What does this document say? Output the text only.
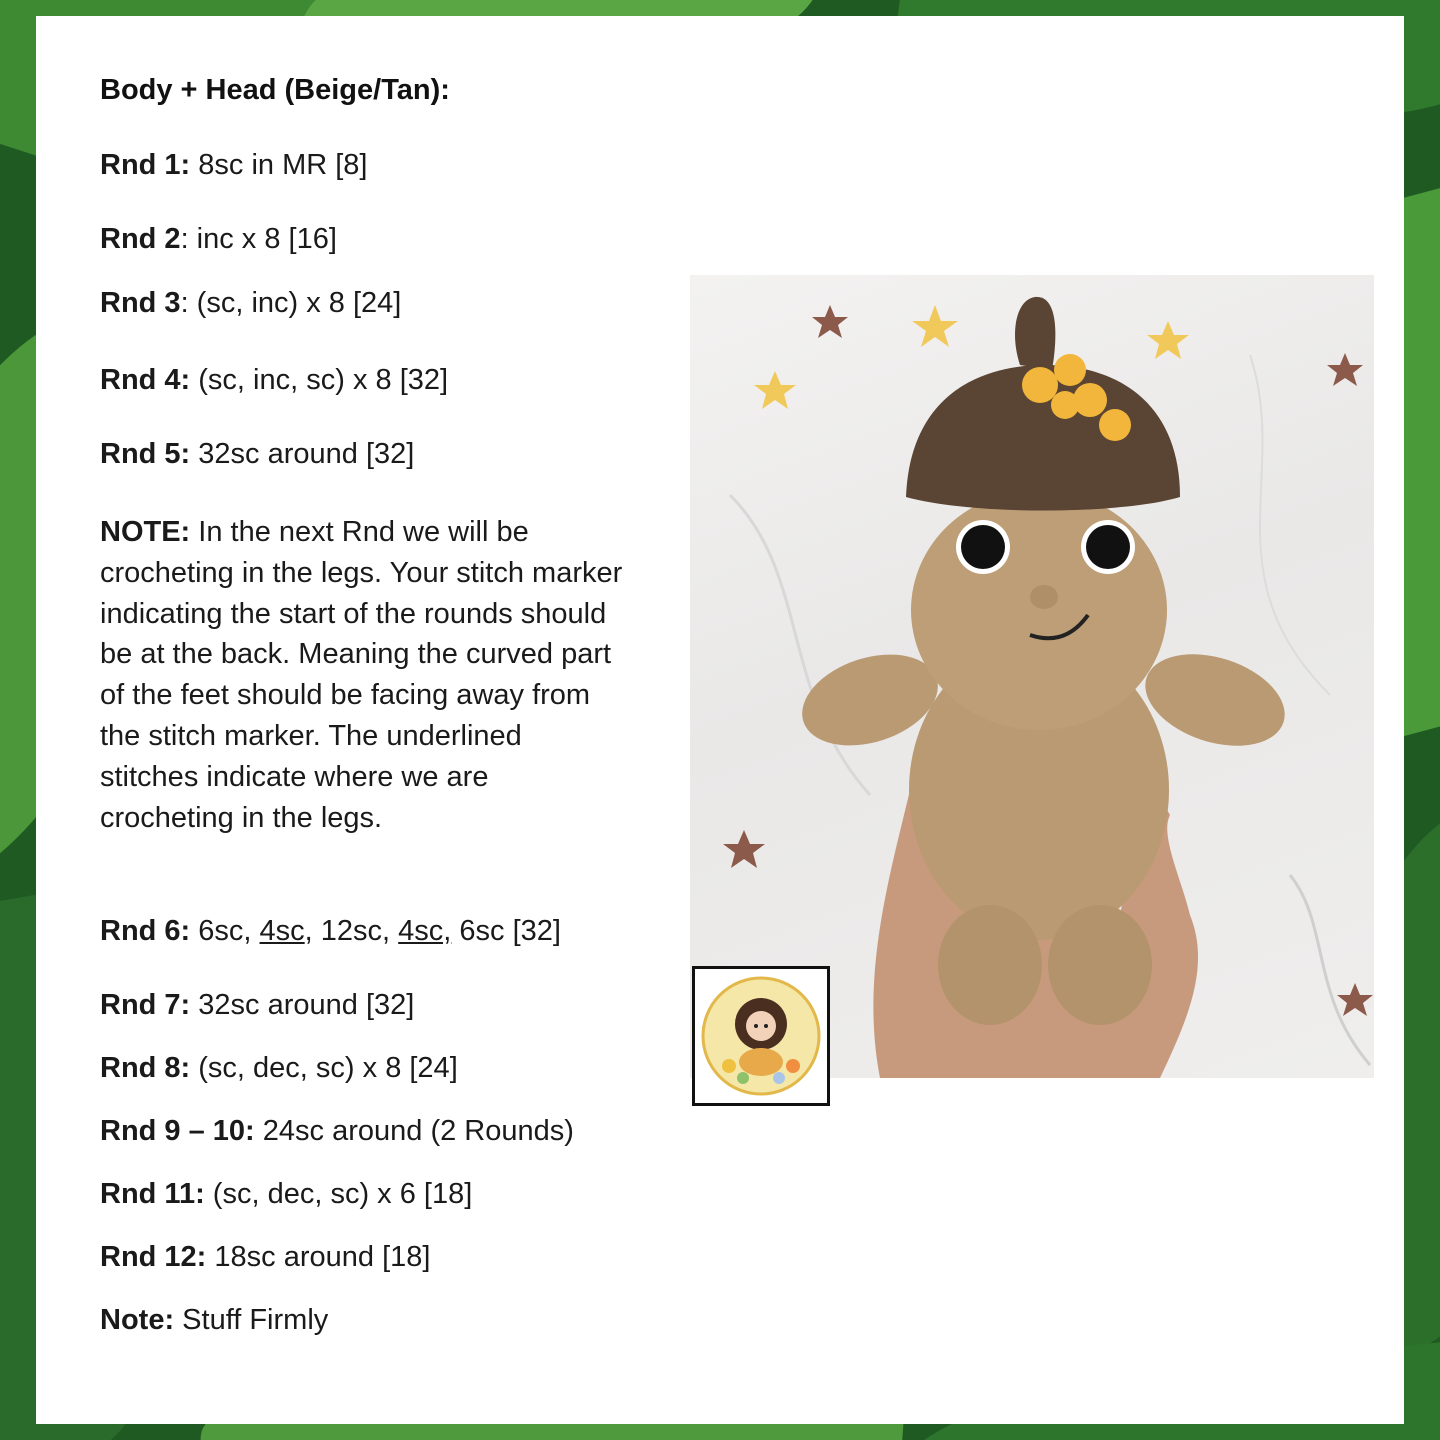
Body + Head (Beige/Tan):
Rnd 1: 8sc in MR [8]
Rnd 2: inc x 8 [16]
Rnd 3: (sc, inc) x 8 [24]
Rnd 4: (sc, inc, sc) x 8 [32]
Rnd 5: 32sc around [32]
NOTE: In the next Rnd we will be crocheting in the legs. Your stitch marker indicating the start of the rounds should be at the back. Meaning the curved part of the feet should be facing away from the stitch marker. The underlined stitches indicate where we are crocheting in the legs.
Rnd 6: 6sc, 4sc, 12sc, 4sc, 6sc [32]
Rnd 7: 32sc around [32]
Rnd 8: (sc, dec, sc) x 8 [24]
Rnd 9 – 10: 24sc around (2 Rounds)
Rnd 11: (sc, dec, sc) x 6 [18]
Rnd 12: 18sc around [18]
Note: Stuff Firmly
